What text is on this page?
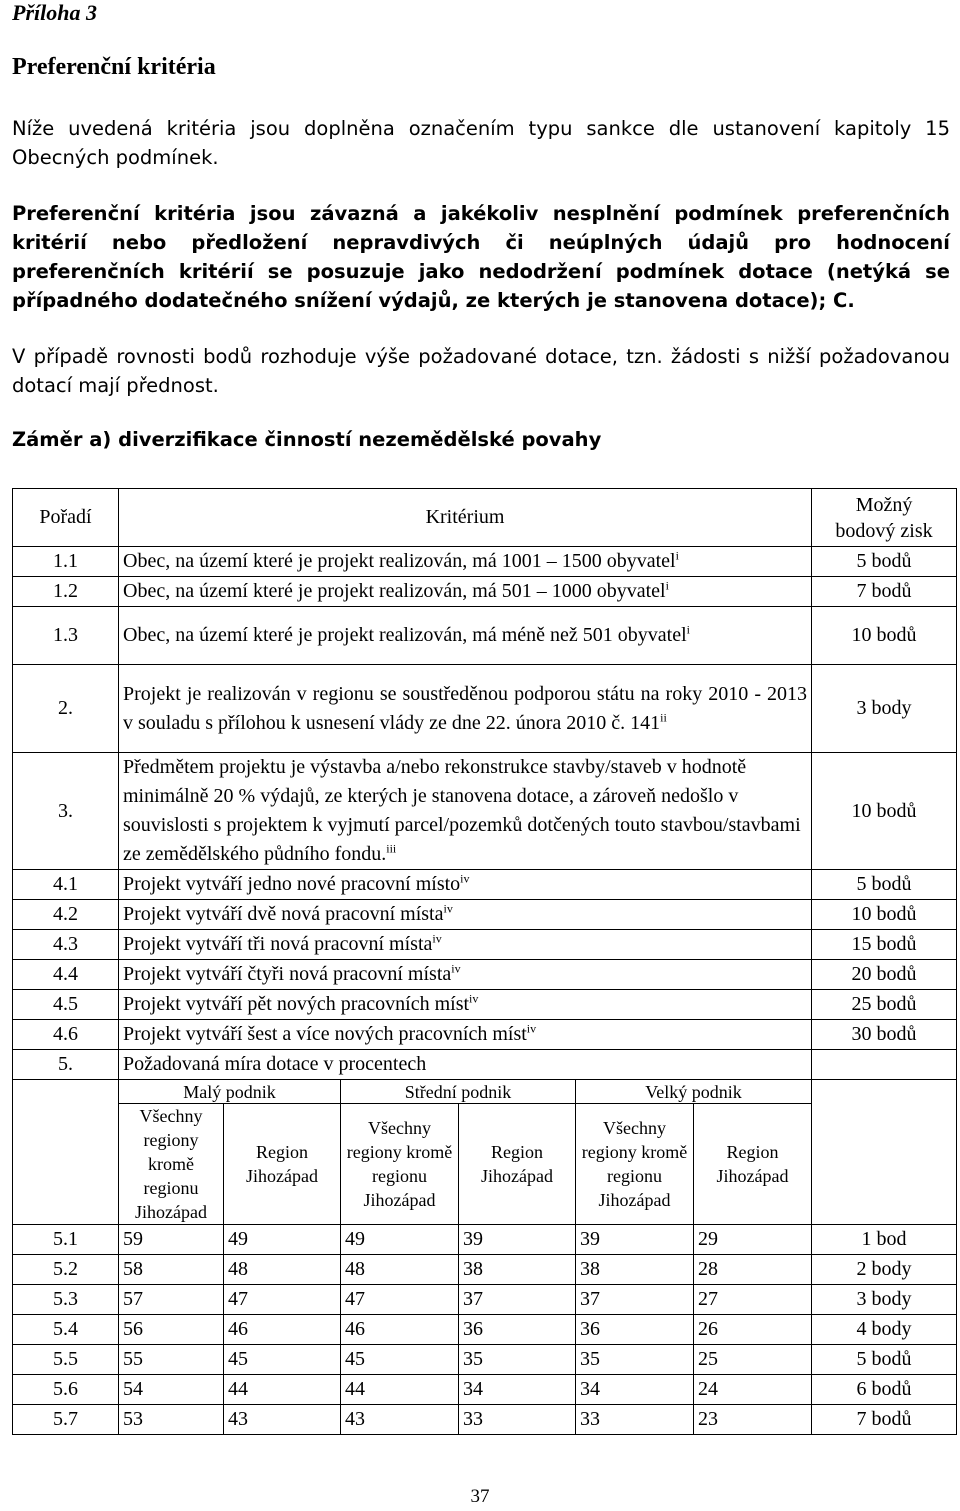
Příloha 3
Preferenční kritéria
Níže uvedená kritéria jsou doplněna označením typu sankce dle ustanovení kapitoly 15 Obecných podmínek.
Preferenční kritéria jsou závazná a jakékoliv nesplnění podmínek preferenčních kritérií nebo předložení nepravdivých či neúplných údajů pro hodnocení preferenčních kritérií se posuzuje jako nedodržení podmínek dotace (netýká se případného dodatečného snížení výdajů, ze kterých je stanovena dotace); C.
V případě rovnosti bodů rozhoduje výše požadované dotace, tzn. žádosti s nižší požadovanou dotací mají přednost.
Záměr a) diverzifikace činností nezemědělské povahy
Pořadí	Kritérium						Možný
bodový zisk

1.1	Obec, na území které je projekt realizován, má 1001 – 1500 obyvatel$^i$						5 bodů
1.2	Obec, na území které je projekt realizován, má 501 – 1000 obyvatel$^i$						7 bodů
1.3	Obec, na území které je projekt realizován, má méně než 501 obyvatel$^i$						10 bodů
2.	Projekt je realizován v regionu se soustředěnou podporou státu na roky 2010 - 2013 v souladu s přílohou k usnesení vlády ze dne 22. února 2010 č. 141$^{ii}$						3 body
3.	Předmětem projektu je výstavba a/nebo rekonstrukce stavby/staveb v hodnotě minimálně 20 % výdajů, ze kterých je stanovena dotace, a zároveň nedošlo v souvislosti s projektem k vyjmutí parcel/pozemků dotčených touto stavbou/stavbami ze zemědělského půdního fondu.$^{iii}$						10 bodů
4.1	Projekt vytváří jedno nové pracovní místo$^{iv}$						5 bodů
4.2	Projekt vytváří dvě nová pracovní místa$^{iv}$						10 bodů
4.3	Projekt vytváří tři nová pracovní místa$^{iv}$						15 bodů
4.4	Projekt vytváří čtyři nová pracovní místa$^{iv}$						20 bodů
4.5	Projekt vytváří pět nových pracovních míst$^{iv}$						25 bodů
4.6	Projekt vytváří šest a více nových pracovních míst$^{iv}$						30 bodů
5.	Požadovaná míra dotace v procentech						
	Malý podnik		Střední podnik		Velký podnik		
	Všechny regiony kromě regionu Jihozápad	Region Jihozápad	Všechny regiony kromě regionu Jihozápad	Region Jihozápad	Všechny regiony kromě regionu Jihozápad	Region Jihozápad	
5.1	59	49	49	39	39	29	1 bod
5.2	58	48	48	38	38	28	2 body
5.3	57	47	47	37	37	27	3 body
5.4	56	46	46	36	36	26	4 body
5.5	55	45	45	35	35	25	5 bodů
5.6	54	44	44	34	34	24	6 bodů
5.7	53	43	43	33	33	23	7 bodů
37
